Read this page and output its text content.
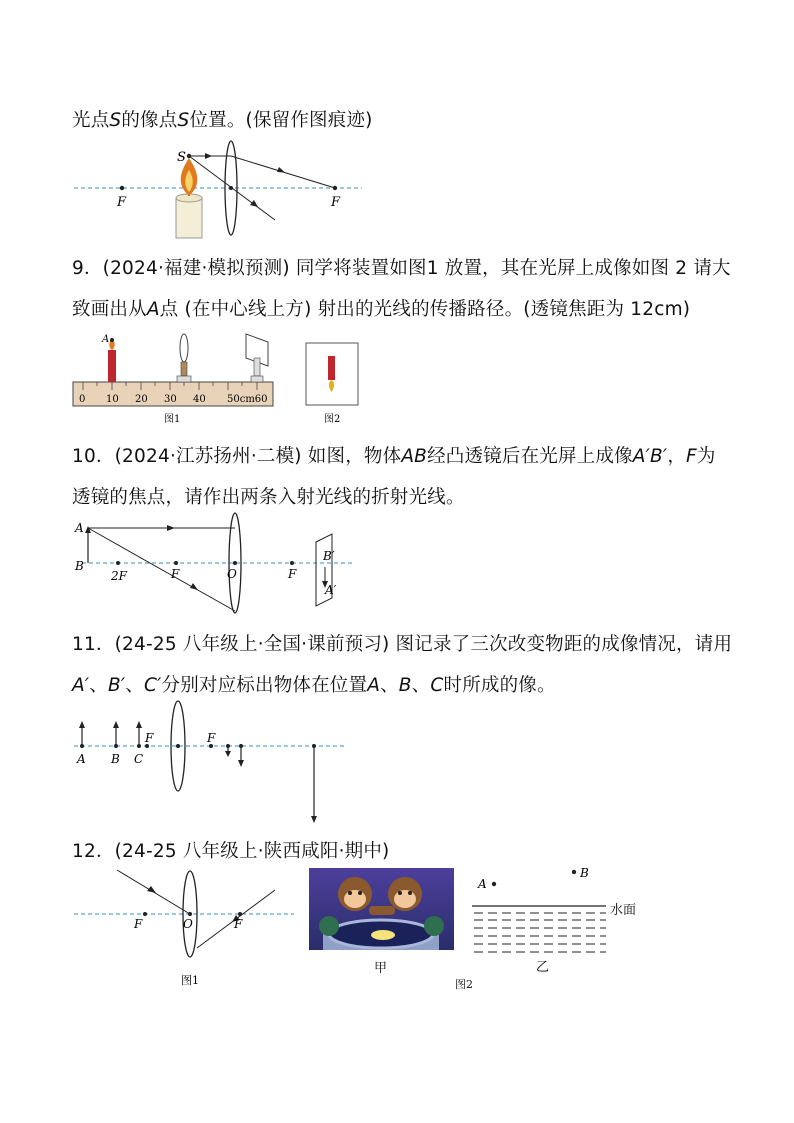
光点S的像点S位置。(保留作图痕迹)
S
F	F
9．(2024·福建·模拟预测) 同学将装置如图1 放置，其在光屏上成像如图 2 请大
致画出从A点 (在中心线上方) 射出的光线的传播路径。(透镜焦距为 12cm)
0 10 20 30 40 50cm60
A
图1	图2
10．(2024·江苏扬州·二模) 如图，物体AB经凸透镜后在光屏上成像A′B′，F为
透镜的焦点，请作出两条入射光线的折射光线。
A
B
2F	F	O	F
B′
A′
11．(24-25 八年级上·全国·课前预习) 图记录了三次改变物距的成像情况，请用
A′、B′、C′分别对应标出物体在位置A、B、C时所成的像。
A B C
F	F
12．(24-25 八年级上·陕西咸阳·期中)
F	O	F
图1
甲
A
B
乙
水面
图2
